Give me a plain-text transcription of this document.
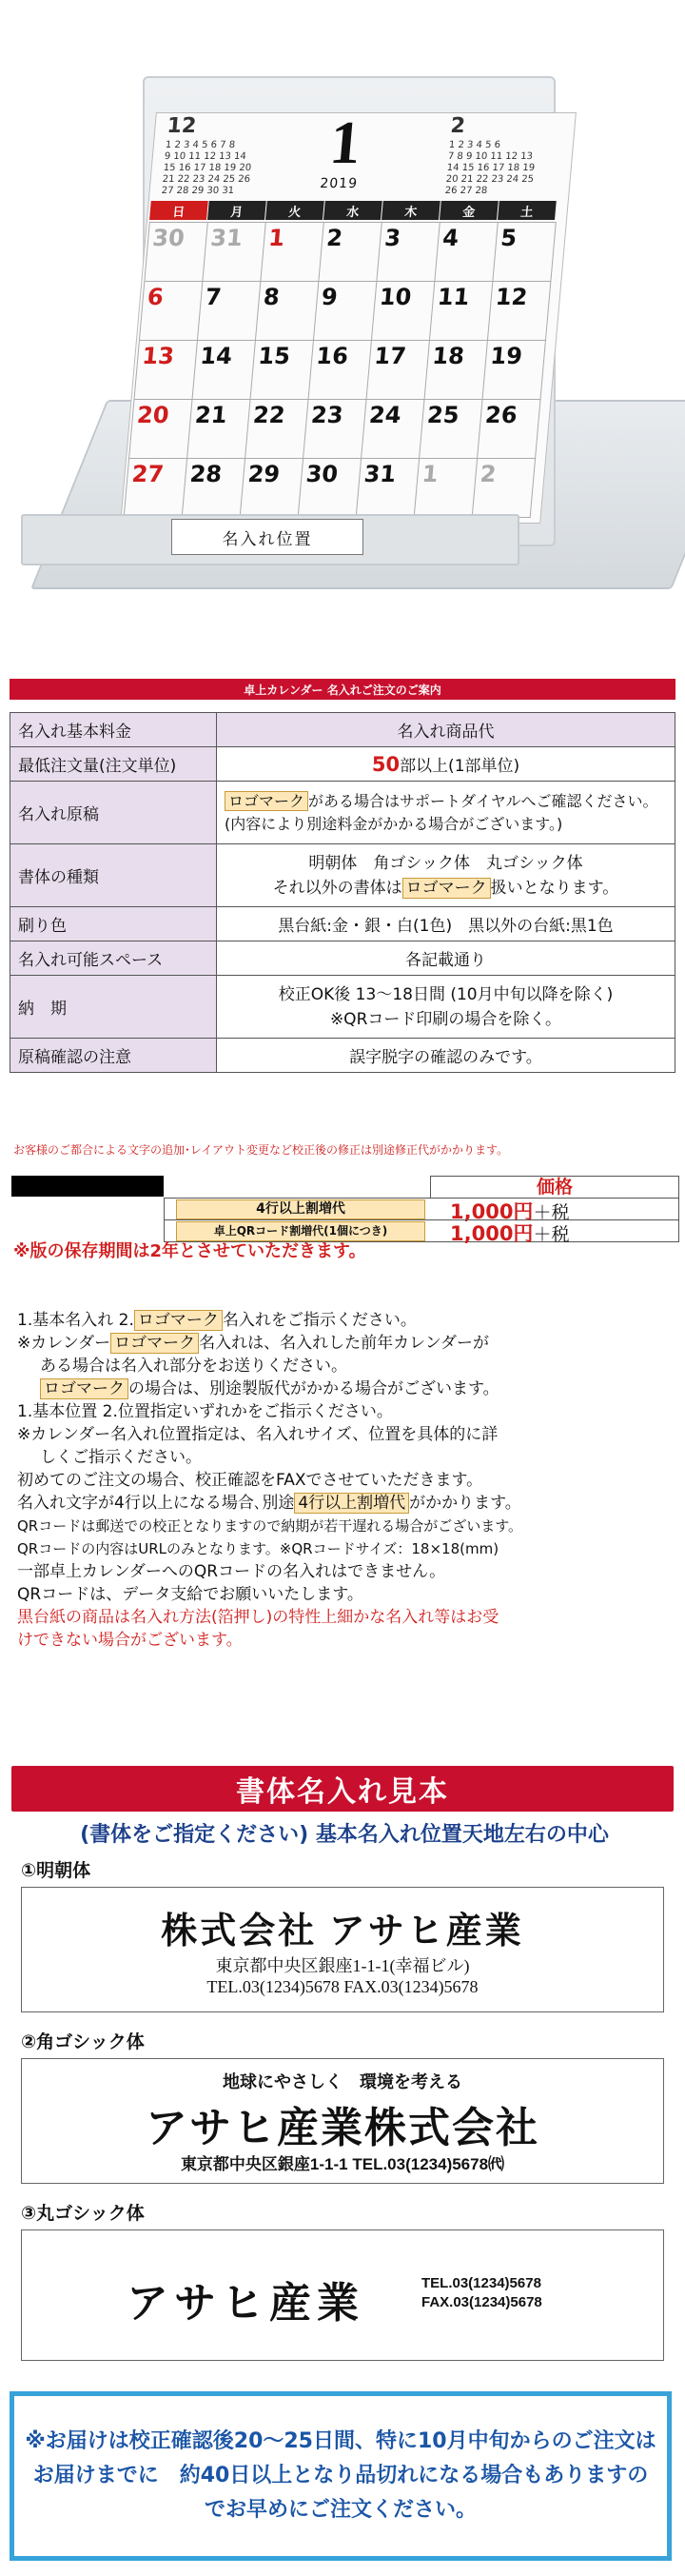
12
1 2 3 4 5 6 7 8
9 10 11 12 13 14
15 16 17 18 19 20
21 22 23 24 25 26
27 28 29 30 31
1
2019
2
1 2 3 4 5 6
7 8 9 10 11 12 13
14 15 16 17 18 19
20 21 22 23 24 25
26 27 28
日	月	火	水	木	金	土
30	31	1	2	3	4	5
6	7	8	9	10	11	12
13	14	15	16	17	18	19
20	21	22	23	24	25	26
27	28	29	30	31	1	2
名入れ位置
卓上カレンダー 名入れご注文のご案内
名入れ基本料金	名入れ商品代
最低注文量(注文単位)	50部以上(1部単位)
名入れ原稿	ロゴマーク がある場合はサポートダイヤルへご確認ください。(内容により別途料金がかかる場合がございます。)
書体の種類	明朝体　角ゴシック体　丸ゴシック体
それ以外の書体は ロゴマーク 扱いとなります。

刷り色	黒台紙:金・銀・白(1色)　黒以外の台紙:黒1色
名入れ可能スペース	各記載通り
納　期	校正OK後 13～18日間 (10月中旬以降を除く)
※QRコード印刷の場合を除く。

原稿確認の注意	誤字脱字の確認のみです。
お客様のご都合による文字の追加･レイアウト変更など校正後の修正は別途修正代がかかります。
価格
4行以上割増代	1,000円＋税
卓上QRコード割増代(1個につき)	1,000円＋税
※版の保存期間は2年とさせていただきます。

1.基本名入れ 2. ロゴマーク 名入れをご指示ください。

※カレンダー ロゴマーク 名入れは、名入れした前年カレンダーが

ある場合は名入れ部分をお送りください。

ロゴマーク の場合は、別途製版代がかかる場合がございます。

1.基本位置 2.位置指定いずれかをご指示ください。

※カレンダー名入れ位置指定は、名入れサイズ、位置を具体的に詳

しくご指示ください。

初めてのご注文の場合、校正確認をFAXでさせていただきます。

名入れ文字が4行以上になる場合､別途 4行以上割増代 がかかります。

QRコードは郵送での校正となりますので納期が若干遅れる場合がございます。

QRコードの内容はURLのみとなります。※QRコードサイズ：18×18(mm)

一部卓上カレンダーへのQRコードの名入れはできません。

QRコードは、データ支給でお願いいたします。

黒台紙の商品は名入れ方法(箔押し)の特性上細かな名入れ等はお受

けできない場合がございます。

書体名入れ見本
(書体をご指定ください) 基本名入れ位置天地左右の中心
①明朝体
株式会社 アサヒ産業
東京都中央区銀座1-1-1(幸福ビル)
TEL.03(1234)5678 FAX.03(1234)5678
②角ゴシック体
地球にやさしく　環境を考える
アサヒ産業株式会社
東京都中央区銀座1-1-1 TEL.03(1234)5678㈹
③丸ゴシック体
アサヒ産業	TEL.03(1234)5678
FAX.03(1234)5678

※お届けは校正確認後20～25日間、特に10月中旬からのご注文はお届けまでに　約40日以上となり品切れになる場合もありますのでお早めにご注文ください。
